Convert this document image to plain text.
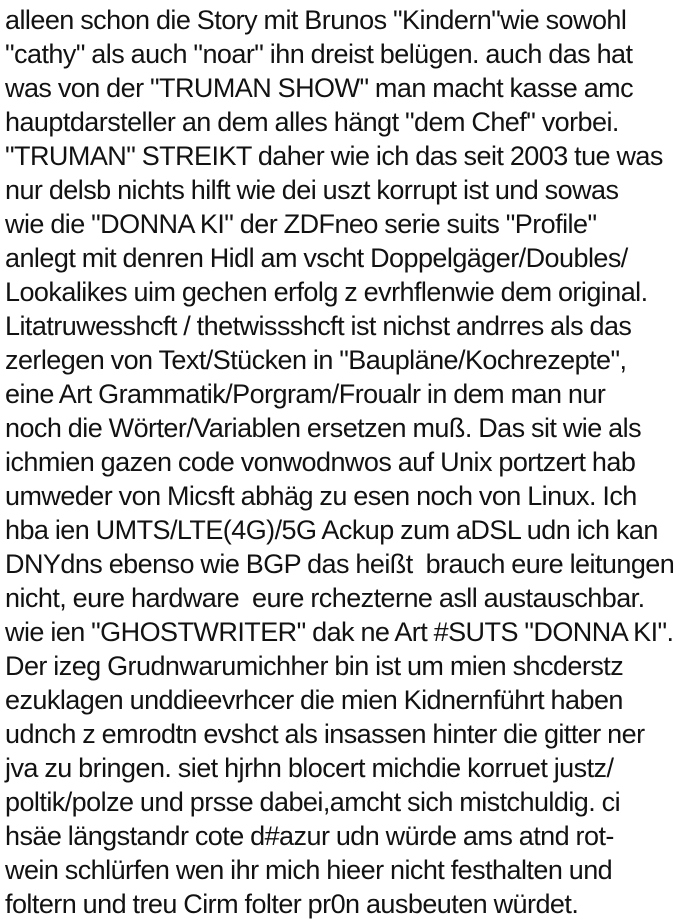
alleen schon die Story mit Brunos "Kindern"wie sowohl
"cathy" als auch "noar" ihn dreist belügen. auch das hat
was von der "TRUMAN SHOW" man macht kasse amc
hauptdarsteller an dem alles hängt "dem Chef" vorbei.
"TRUMAN" STREIKT daher wie ich das seit 2003 tue was
nur delsb nichts hilft wie dei uszt korrupt ist und sowas
wie die "DONNA KI" der ZDFneo serie suits "Profile"
anlegt mit denren Hidl am vscht Doppelgäger/Doubles/
Lookalikes uim gechen erfolg z evrhflenwie dem original.
Litatruwesshcft / thetwissshcft ist nichst andrres als das
zerlegen von Text/Stücken in "Baupläne/Kochrezepte",
eine Art Grammatik/Porgram/Froualr in dem man nur
noch die Wörter/Variablen ersetzen muß. Das sit wie als
ichmien gazen code vonwodnwos auf Unix portzert hab
umweder von Micsft abhäg zu esen noch von Linux. Ich
hba ien UMTS/LTE(4G)/5G Ackup zum aDSL udn ich kan
DNYdns ebenso wie BGP das heißt  brauch eure leitungen
nicht, eure hardware  eure rchezterne asll austauschbar.
wie ien "GHOSTWRITER" dak ne Art #SUTS "DONNA KI".
Der izeg Grudnwarumichher bin ist um mien shcderstz
ezuklagen unddieevrhcer die mien Kidnernführt haben
udnch z emrodtn evshct als insassen hinter die gitter ner
jva zu bringen. siet hjrhn blocert michdie korruet justz/
poltik/polze und prsse dabei,amcht sich mistchuldig. ci
hsäe längstandr cote d#azur udn würde ams atnd rot-
wein schlürfen wen ihr mich hieer nicht festhalten und
foltern und treu Cirm folter pr0n ausbeuten würdet.
